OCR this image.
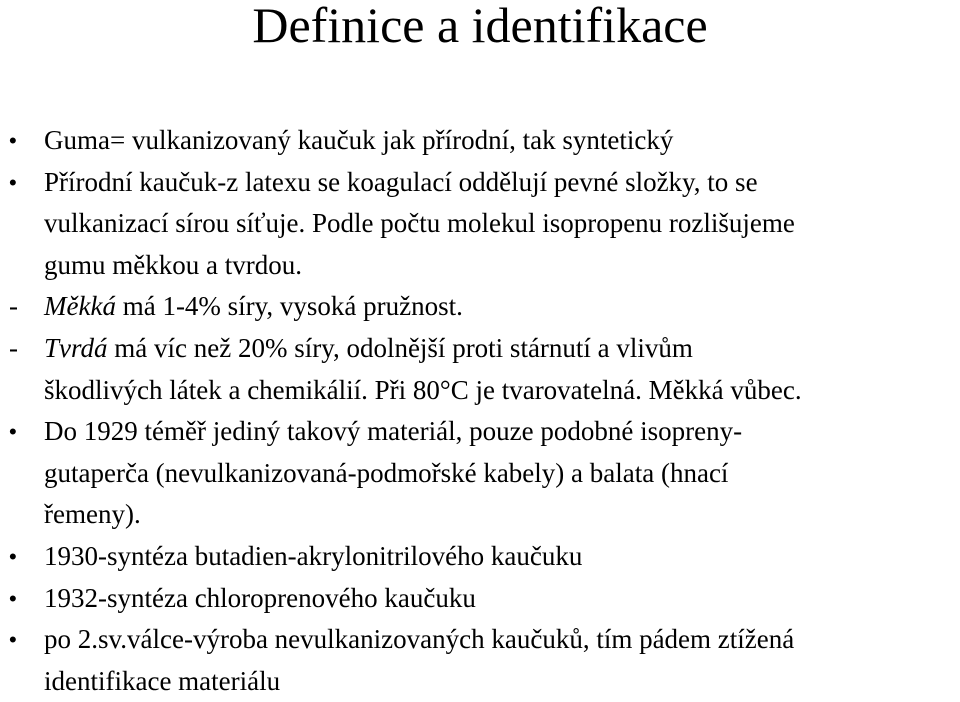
Definice a identifikace
• Guma= vulkanizovaný kaučuk jak přírodní, tak syntetický
• Přírodní kaučuk-z latexu se koagulací oddělují pevné složky, to se
vulkanizací sírou síťuje. Podle počtu molekul isopropenu rozlišujeme
gumu měkkou a tvrdou.
- Měkká má 1-4% síry, vysoká pružnost.
- Tvrdá má víc než 20% síry, odolnější proti stárnutí a vlivům
škodlivých látek a chemikálií. Při 80°C je tvarovatelná. Měkká vůbec.
• Do 1929 téměř jediný takový materiál, pouze podobné isopreny-
gutaperča (nevulkanizovaná-podmořské kabely) a balata (hnací
řemeny).
• 1930-syntéza butadien-akrylonitrilového kaučuku
• 1932-syntéza chloroprenového kaučuku
• po 2.sv.válce-výroba nevulkanizovaných kaučuků, tím pádem ztížená
identifikace materiálu
